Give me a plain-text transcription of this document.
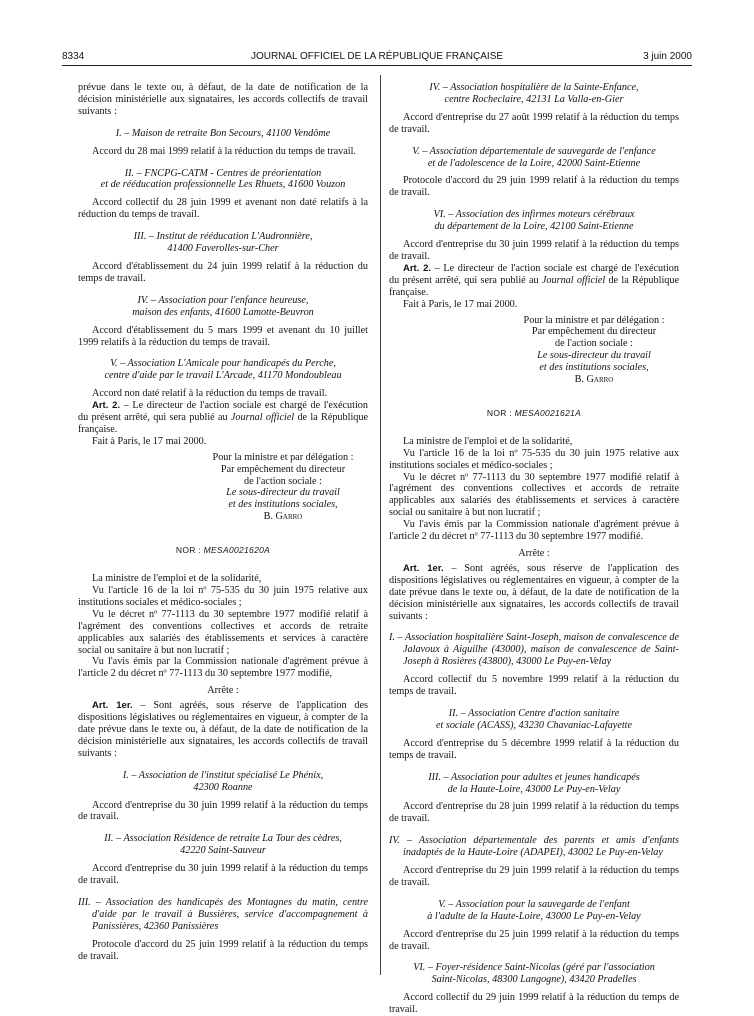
8334	JOURNAL OFFICIEL DE LA RÉPUBLIQUE FRANÇAISE	3 juin 2000

prévue dans le texte ou, à défaut, de la date de notification de la décision ministérielle aux signataires, les accords collectifs de travail suivants :

I. – Maison de retraite Bon Secours, 41100 Vendôme

Accord du 28 mai 1999 relatif à la réduction du temps de travail.

II. – FNCPG-CATM - Centres de préorientation
et de rééducation professionnelle Les Rhuets, 41600 Vouzon

Accord collectif du 28 juin 1999 et avenant non daté relatifs à la réduction du temps de travail.

III. – Institut de rééducation L'Audronnière,
41400 Faverolles-sur-Cher

Accord d'établissement du 24 juin 1999 relatif à la réduction du temps de travail.

IV. – Association pour l'enfance heureuse,
maison des enfants, 41600 Lamotte-Beuvron

Accord d'établissement du 5 mars 1999 et avenant du 10 juillet 1999 relatifs à la réduction du temps de travail.

V. – Association L'Amicale pour handicapés du Perche,
centre d'aide par le travail L'Arcade, 41170 Mondoubleau

Accord non daté relatif à la réduction du temps de travail.

Art. 2. – Le directeur de l'action sociale est chargé de l'exécution du présent arrêté, qui sera publié au Journal officiel de la République française.

Fait à Paris, le 17 mai 2000.

Pour la ministre et par délégation :
Par empêchement du directeur
de l'action sociale :
Le sous-directeur du travail
et des institutions sociales,
B. Garro
NOR : MESA0021620A

La ministre de l'emploi et de la solidarité,

Vu l'article 16 de la loi nº 75-535 du 30 juin 1975 relative aux institutions sociales et médico-sociales ;

Vu le décret nº 77-1113 du 30 septembre 1977 modifié relatif à l'agrément des conventions collectives et accords de retraite applicables aux salariés des établissements et services à caractère social ou sanitaire à but non lucratif ;

Vu l'avis émis par la Commission nationale d'agrément prévue à l'article 2 du décret nº 77-1113 du 30 septembre 1977 modifié,

Arrête :

Art. 1er. – Sont agréés, sous réserve de l'application des dispositions législatives ou réglementaires en vigueur, à compter de la date prévue dans le texte ou, à défaut, de la date de notification de la décision ministérielle aux signataires, les accords collectifs de travail suivants :

I. – Association de l'institut spécialisé Le Phénix,
42300 Roanne

Accord d'entreprise du 30 juin 1999 relatif à la réduction du temps de travail.

II. – Association Résidence de retraite La Tour des cèdres,
42220 Saint-Sauveur

Accord d'entreprise du 30 juin 1999 relatif à la réduction du temps de travail.

III. – Association des handicapés des Montagnes du matin, centre d'aide par le travail à Bussières, service d'accompagnement à Panissières, 42360 Panissières

Protocole d'accord du 25 juin 1999 relatif à la réduction du temps de travail.

IV. – Association hospitalière de la Sainte-Enfance,
centre Rocheclaire, 42131 La Valla-en-Gier

Accord d'entreprise du 27 août 1999 relatif à la réduction du temps de travail.

V. – Association départementale de sauvegarde de l'enfance
et de l'adolescence de la Loire, 42000 Saint-Etienne

Protocole d'accord du 29 juin 1999 relatif à la réduction du temps de travail.

VI. – Association des infirmes moteurs cérébraux
du département de la Loire, 42100 Saint-Etienne

Accord d'entreprise du 30 juin 1999 relatif à la réduction du temps de travail.

Art. 2. – Le directeur de l'action sociale est chargé de l'exécution du présent arrêté, qui sera publié au Journal officiel de la République française.

Fait à Paris, le 17 mai 2000.

Pour la ministre et par délégation :
Par empêchement du directeur
de l'action sociale :
Le sous-directeur du travail
et des institutions sociales,
B. Garro
NOR : MESA0021621A

La ministre de l'emploi et de la solidarité,

Vu l'article 16 de la loi nº 75-535 du 30 juin 1975 relative aux institutions sociales et médico-sociales ;

Vu le décret nº 77-1113 du 30 septembre 1977 modifié relatif à l'agrément des conventions collectives et accords de retraite applicables aux salariés des établissements et services à caractère social ou sanitaire à but non lucratif ;

Vu l'avis émis par la Commission nationale d'agrément prévue à l'article 2 du décret nº 77-1113 du 30 septembre 1977 modifié.

Arrête :

Art. 1er. – Sont agréés, sous réserve de l'application des dispositions législatives ou réglementaires en vigueur, à compter de la date prévue dans le texte ou, à défaut, de la date de notification de la décision ministérielle aux signataires, les accords collectifs de travail suivants :

I. – Association hospitalière Saint-Joseph, maison de convalescence de Jalavoux à Aiguilhe (43000), maison de convalescence de Saint-Joseph à Rosières (43800), 43000 Le Puy-en-Velay

Accord collectif du 5 novembre 1999 relatif à la réduction du temps de travail.

II. – Association Centre d'action sanitaire
et sociale (ACASS), 43230 Chavaniac-Lafayette

Accord d'entreprise du 5 décembre 1999 relatif à la réduction du temps de travail.

III. – Association pour adultes et jeunes handicapés
de la Haute-Loire, 43000 Le Puy-en-Velay

Accord d'entreprise du 28 juin 1999 relatif à la réduction du temps de travail.

IV. – Association départementale des parents et amis d'enfants inadaptés de la Haute-Loire (ADAPEI), 43002 Le Puy-en-Velay

Accord d'entreprise du 29 juin 1999 relatif à la réduction du temps de travail.

V. – Association pour la sauvegarde de l'enfant
à l'adulte de la Haute-Loire, 43000 Le Puy-en-Velay

Accord d'entreprise du 25 juin 1999 relatif à la réduction du temps de travail.

VI. – Foyer-résidence Saint-Nicolas (géré par l'association
Saint-Nicolas, 48300 Langogne), 43420 Pradelles

Accord collectif du 29 juin 1999 relatif à la réduction du temps de travail.
